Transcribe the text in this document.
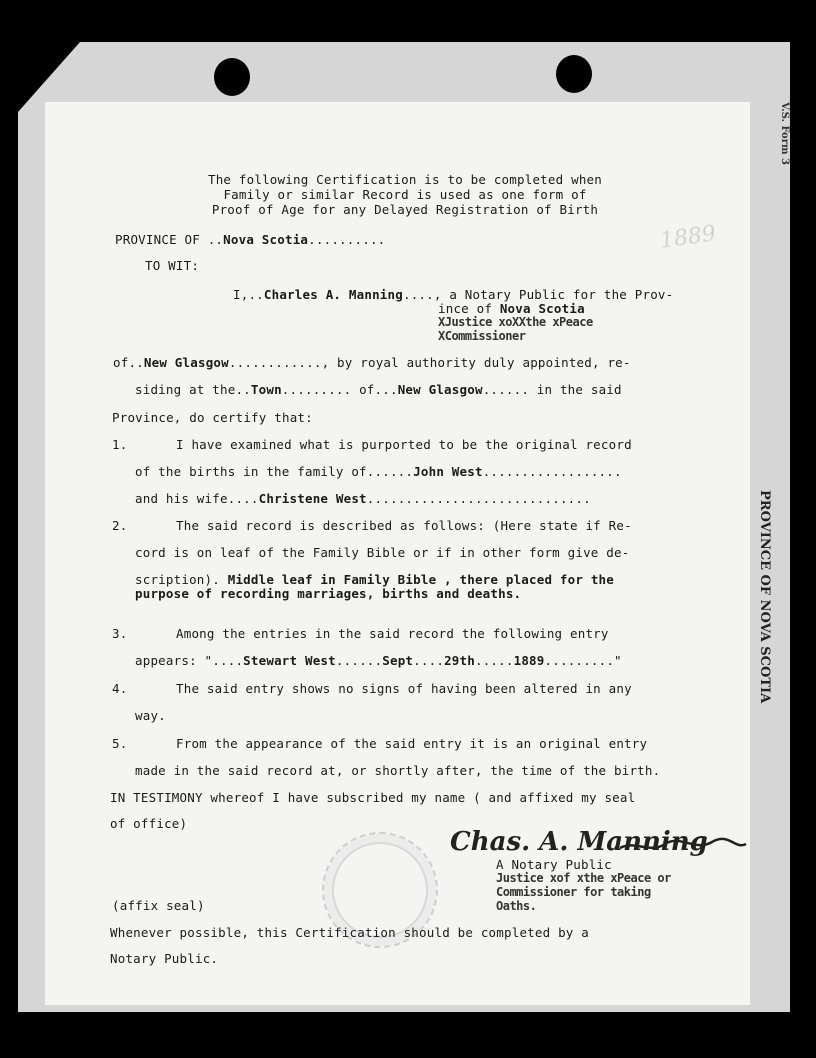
1889
V.S. Form 3
PROVINCE OF NOVA SCOTIA
The following Certification is to be completed when
Family or similar Record is used as one form of
Proof of Age for any Delayed Registration of Birth
PROVINCE OF ..Nova Scotia..........
TO WIT:
I,..Charles A. Manning...., a Notary Public for the Prov-
ince of Nova Scotia
XJustice xoXXthe xPeace
XCommissioner
of..New Glasgow............, by royal authority duly appointed, re-
siding at the..Town......... of...New Glasgow...... in the said
Province, do certify that:
1.	I have examined what is purported to be the original record
of the births in the family of......John West..................
and his wife....Christene West.............................
2.	The said record is described as follows: (Here state if Re-
cord is on leaf of the Family Bible or if in other form give de-
scription). Middle leaf in Family Bible , there placed for the
purpose of recording marriages, births and deaths.
3.	Among the entries in the said record the following entry
appears: "....Stewart West......Sept....29th.....1889........."
4.	The said entry shows no signs of having been altered in any
way.
5.	From the appearance of the said entry it is an original entry
made in the said record at, or shortly after, the time of the birth.
IN TESTIMONY whereof I have subscribed my name ( and affixed my seal
of office)
Chas. A. Manning
A Notary Public
Justice xof xthe xPeace or
Commissioner for taking
Oaths.
(affix seal)
Whenever possible, this Certification should be completed by a
Notary Public.
